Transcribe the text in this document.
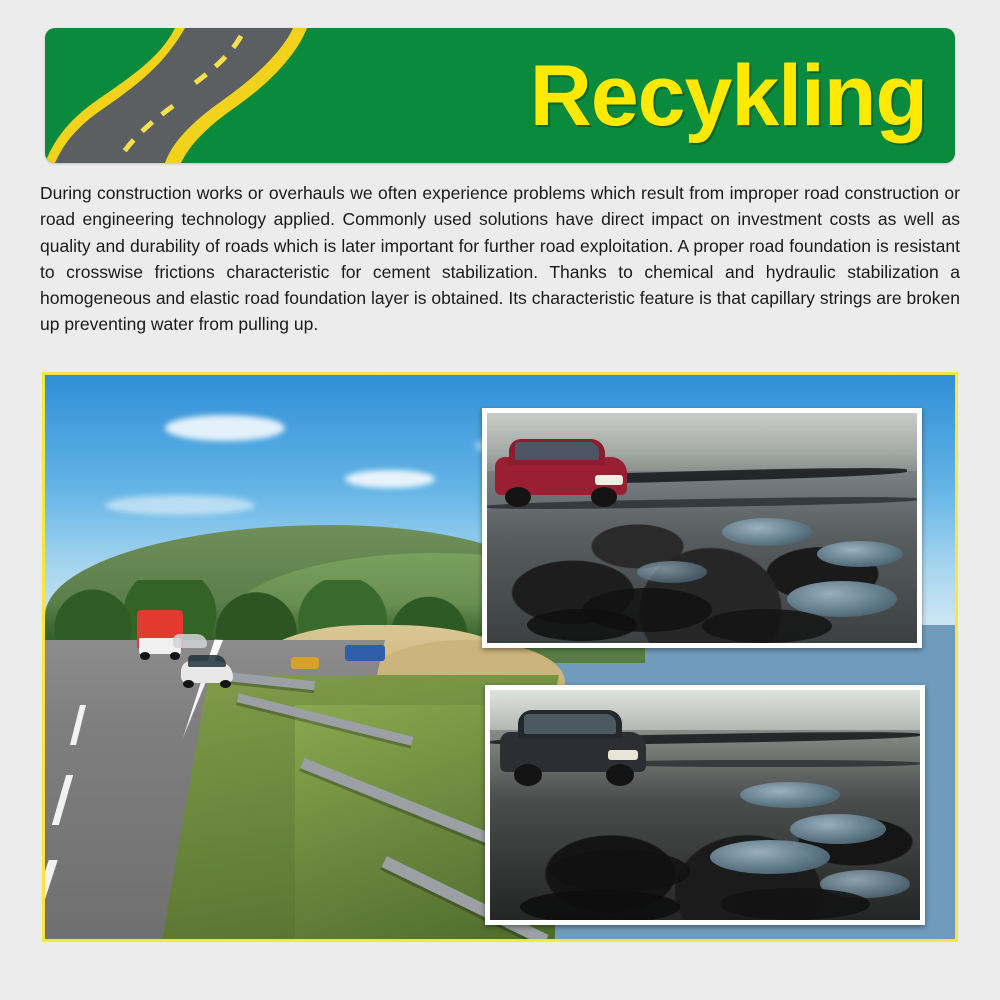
Recykling
During construction works or overhauls we often experience problems which result from improper road construction or road engineering technology applied. Commonly used solutions have direct impact on investment costs as well as quality and durability of roads which is later important for further road exploitation. A proper road foundation is resistant to crosswise frictions characteristic for cement stabilization. Thanks to chemical and hydraulic stabilization a homogeneous and elastic road foundation layer is obtained. Its characteristic feature is that capillary strings are broken up preventing water from pulling up.
